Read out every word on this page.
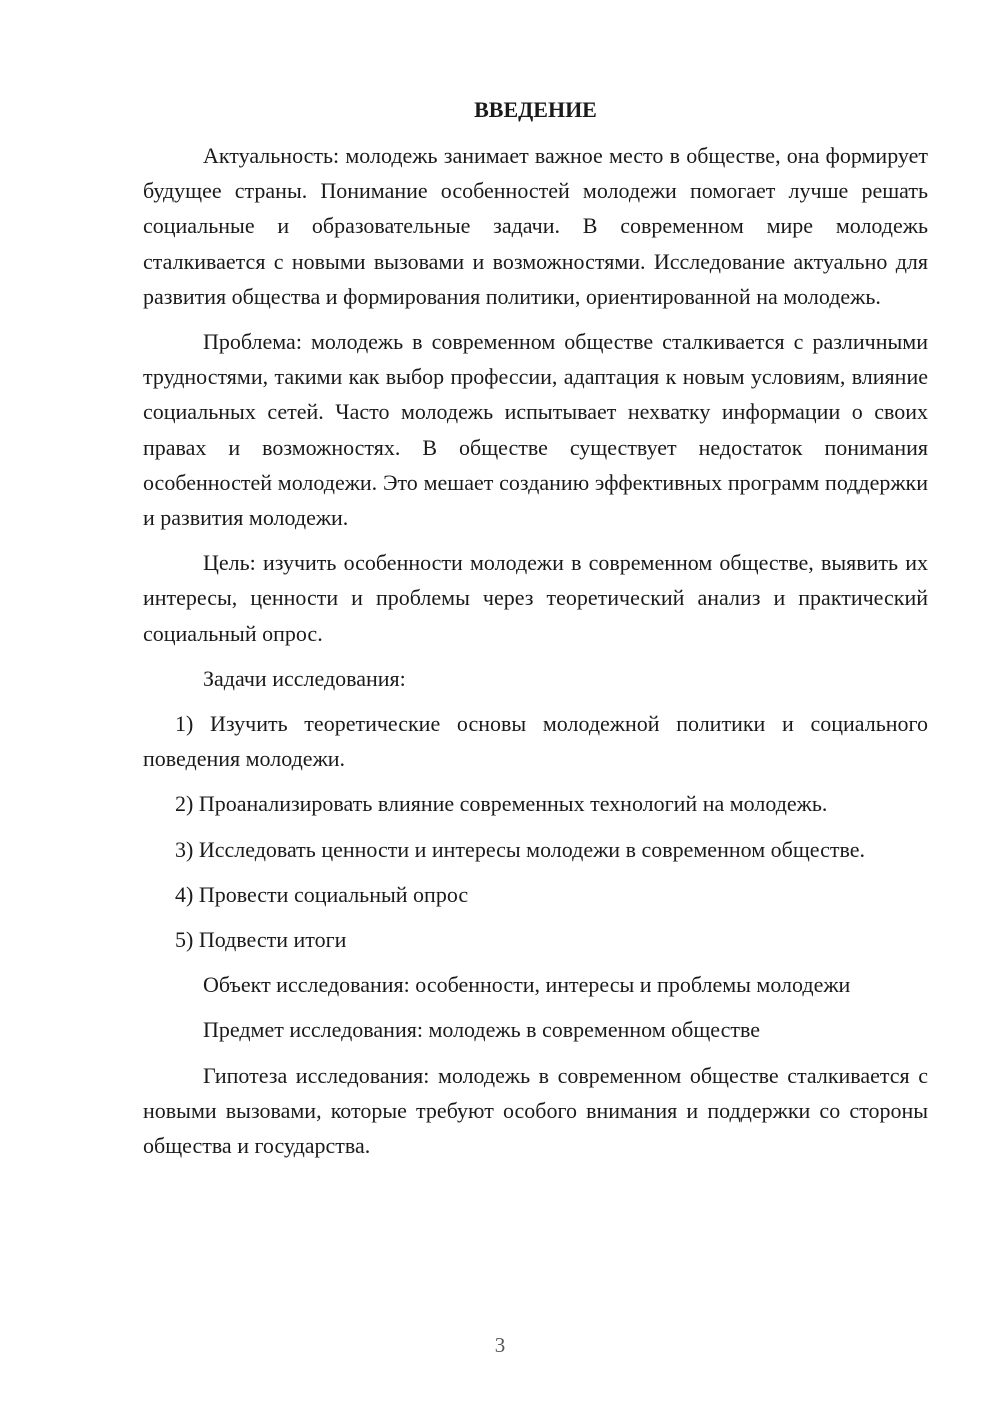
ВВЕДЕНИЕ

Актуальность: молодежь занимает важное место в обществе, она формирует будущее страны. Понимание особенностей молодежи помогает лучше решать социальные и образовательные задачи. В современном мире молодежь сталкивается с новыми вызовами и возможностями. Исследование актуально для развития общества и формирования политики, ориентированной на молодежь.

Проблема: молодежь в современном обществе сталкивается с различными трудностями, такими как выбор профессии, адаптация к новым условиям, влияние социальных сетей. Часто молодежь испытывает нехватку информации о своих правах и возможностях. В обществе существует недостаток понимания особенностей молодежи. Это мешает созданию эффективных программ поддержки и развития молодежи.

Цель: изучить особенности молодежи в современном обществе, выявить их интересы, ценности и проблемы через теоретический анализ и практический социальный опрос.

Задачи исследования:

1) Изучить теоретические основы молодежной политики и социального поведения молодежи.

2) Проанализировать влияние современных технологий на молодежь.

3) Исследовать ценности и интересы молодежи в современном обществе.

4) Провести социальный опрос

5) Подвести итоги

Объект исследования: особенности, интересы и проблемы молодежи

Предмет исследования: молодежь в современном обществе

Гипотеза исследования: молодежь в современном обществе сталкивается с новыми вызовами, которые требуют особого внимания и поддержки со стороны общества и государства.

3
